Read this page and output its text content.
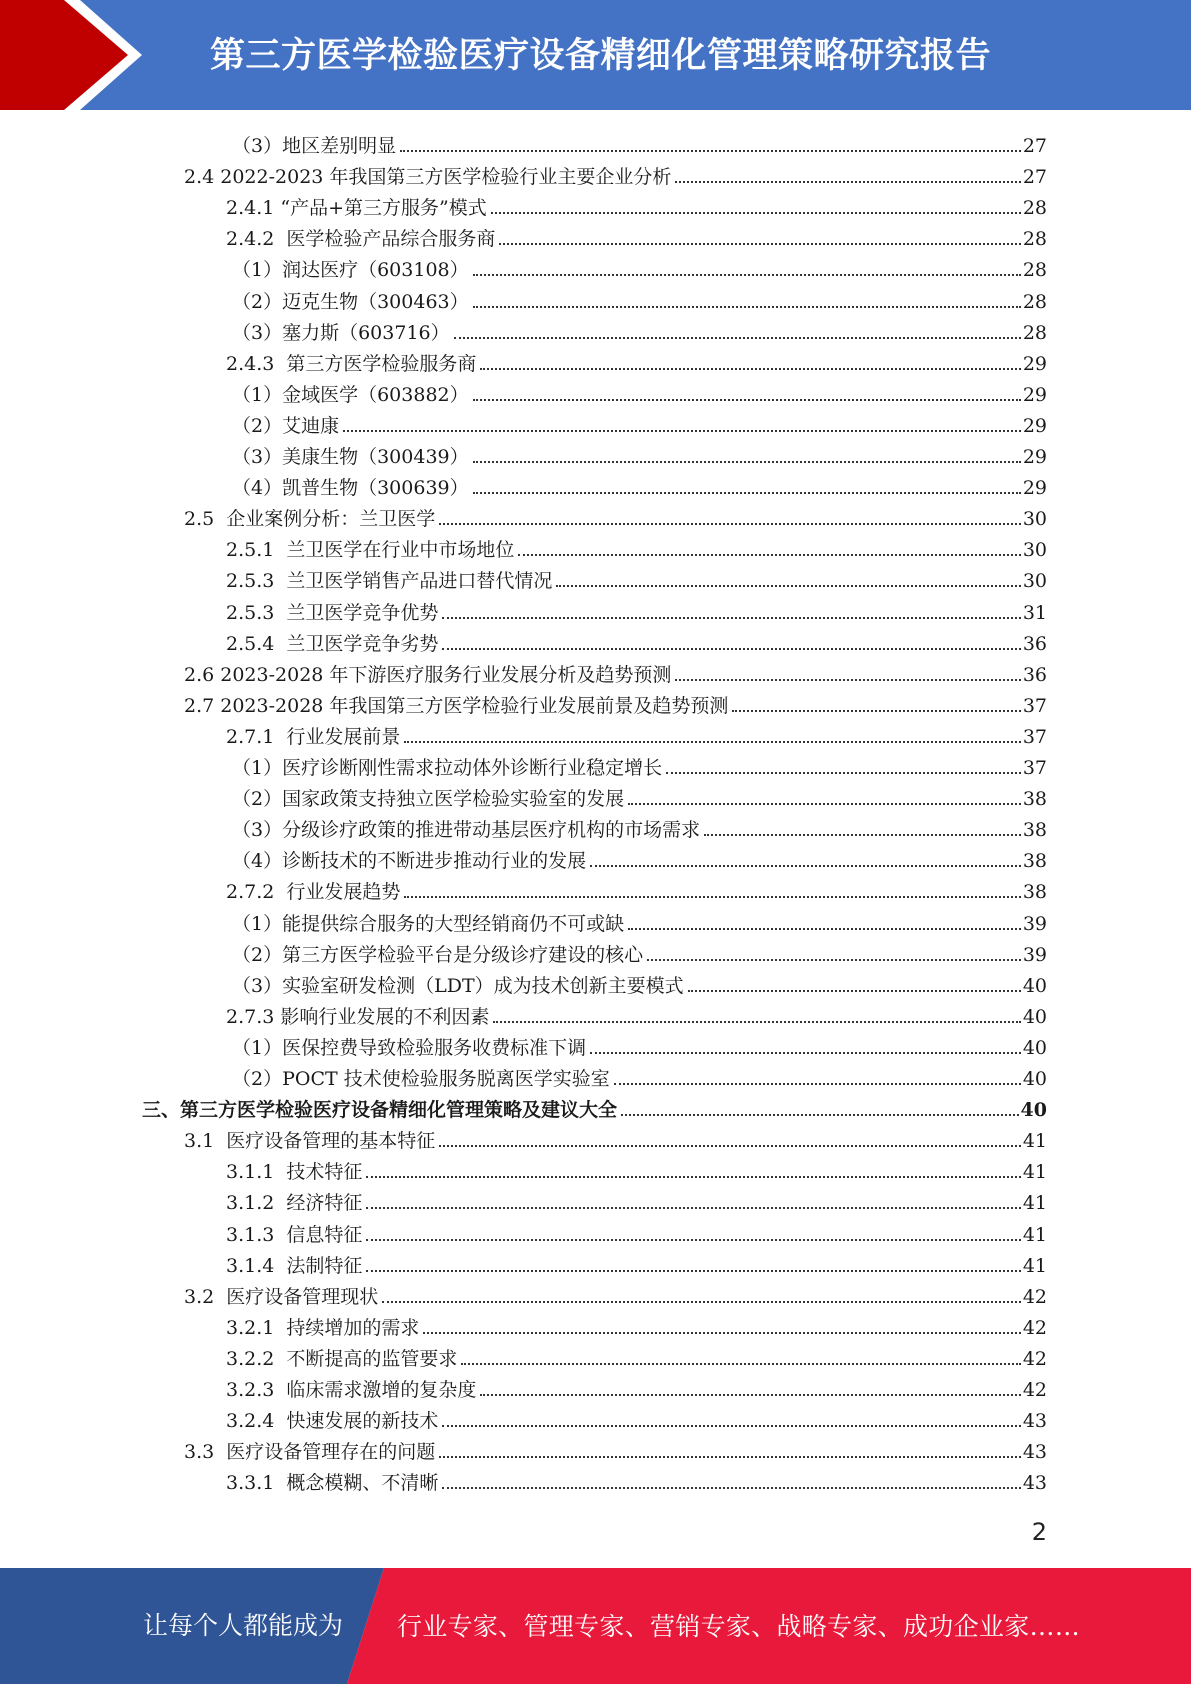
第三方医学检验医疗设备精细化管理策略研究报告
（3）地区差别明显	27
2.4 2022-2023 年我国第三方医学检验行业主要企业分析	27
2.4.1 “产品+第三方服务”模式	28
2.4.2  医学检验产品综合服务商	28
（1）润达医疗（603108）	28
（2）迈克生物（300463）	28
（3）塞力斯（603716）	28
2.4.3  第三方医学检验服务商	29
（1）金域医学（603882）	29
（2）艾迪康	29
（3）美康生物（300439）	29
（4）凯普生物（300639）	29
2.5  企业案例分析：兰卫医学	30
2.5.1  兰卫医学在行业中市场地位	30
2.5.3  兰卫医学销售产品进口替代情况	30
2.5.3  兰卫医学竞争优势	31
2.5.4  兰卫医学竞争劣势	36
2.6 2023-2028 年下游医疗服务行业发展分析及趋势预测	36
2.7 2023-2028 年我国第三方医学检验行业发展前景及趋势预测	37
2.7.1  行业发展前景	37
（1）医疗诊断刚性需求拉动体外诊断行业稳定增长	37
（2）国家政策支持独立医学检验实验室的发展	38
（3）分级诊疗政策的推进带动基层医疗机构的市场需求	38
（4）诊断技术的不断进步推动行业的发展	38
2.7.2  行业发展趋势	38
（1）能提供综合服务的大型经销商仍不可或缺	39
（2）第三方医学检验平台是分级诊疗建设的核心	39
（3）实验室研发检测（LDT）成为技术创新主要模式	40
2.7.3 影响行业发展的不利因素	40
（1）医保控费导致检验服务收费标准下调	40
（2）POCT 技术使检验服务脱离医学实验室	40
三、第三方医学检验医疗设备精细化管理策略及建议大全	40
3.1  医疗设备管理的基本特征	41
3.1.1  技术特征	41
3.1.2  经济特征	41
3.1.3  信息特征	41
3.1.4  法制特征	41
3.2  医疗设备管理现状	42
3.2.1  持续增加的需求	42
3.2.2  不断提高的监管要求	42
3.2.3  临床需求激增的复杂度	42
3.2.4  快速发展的新技术	43
3.3  医疗设备管理存在的问题	43
3.3.1  概念模糊、不清晰	43
2
让每个人都能成为 行业专家、管理专家、营销专家、战略专家、成功企业家……
